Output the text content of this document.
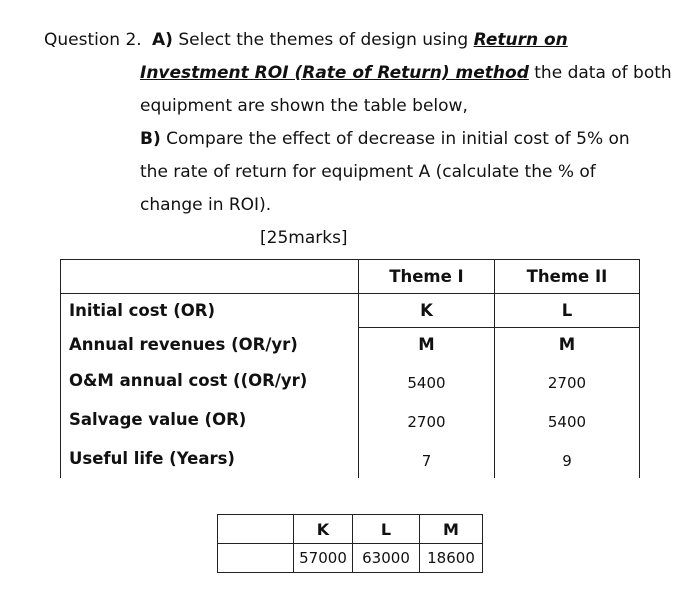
Question 2. A) Select the themes of design using Return on
Investment ROI (Rate of Return) method the data of both
equipment are shown the table below,
B) Compare the effect of decrease in initial cost of 5% on
the rate of return for equipment A (calculate the % of
change in ROI).
[25marks]
	Theme I	Theme II
Initial cost (OR)	K	L
Annual revenues (OR/yr)	M	M
O&M annual cost ((OR/yr)	5400	2700
Salvage value (OR)	2700	5400
Useful life (Years)	7	9
	K	L	M
	57000	63000	18600
